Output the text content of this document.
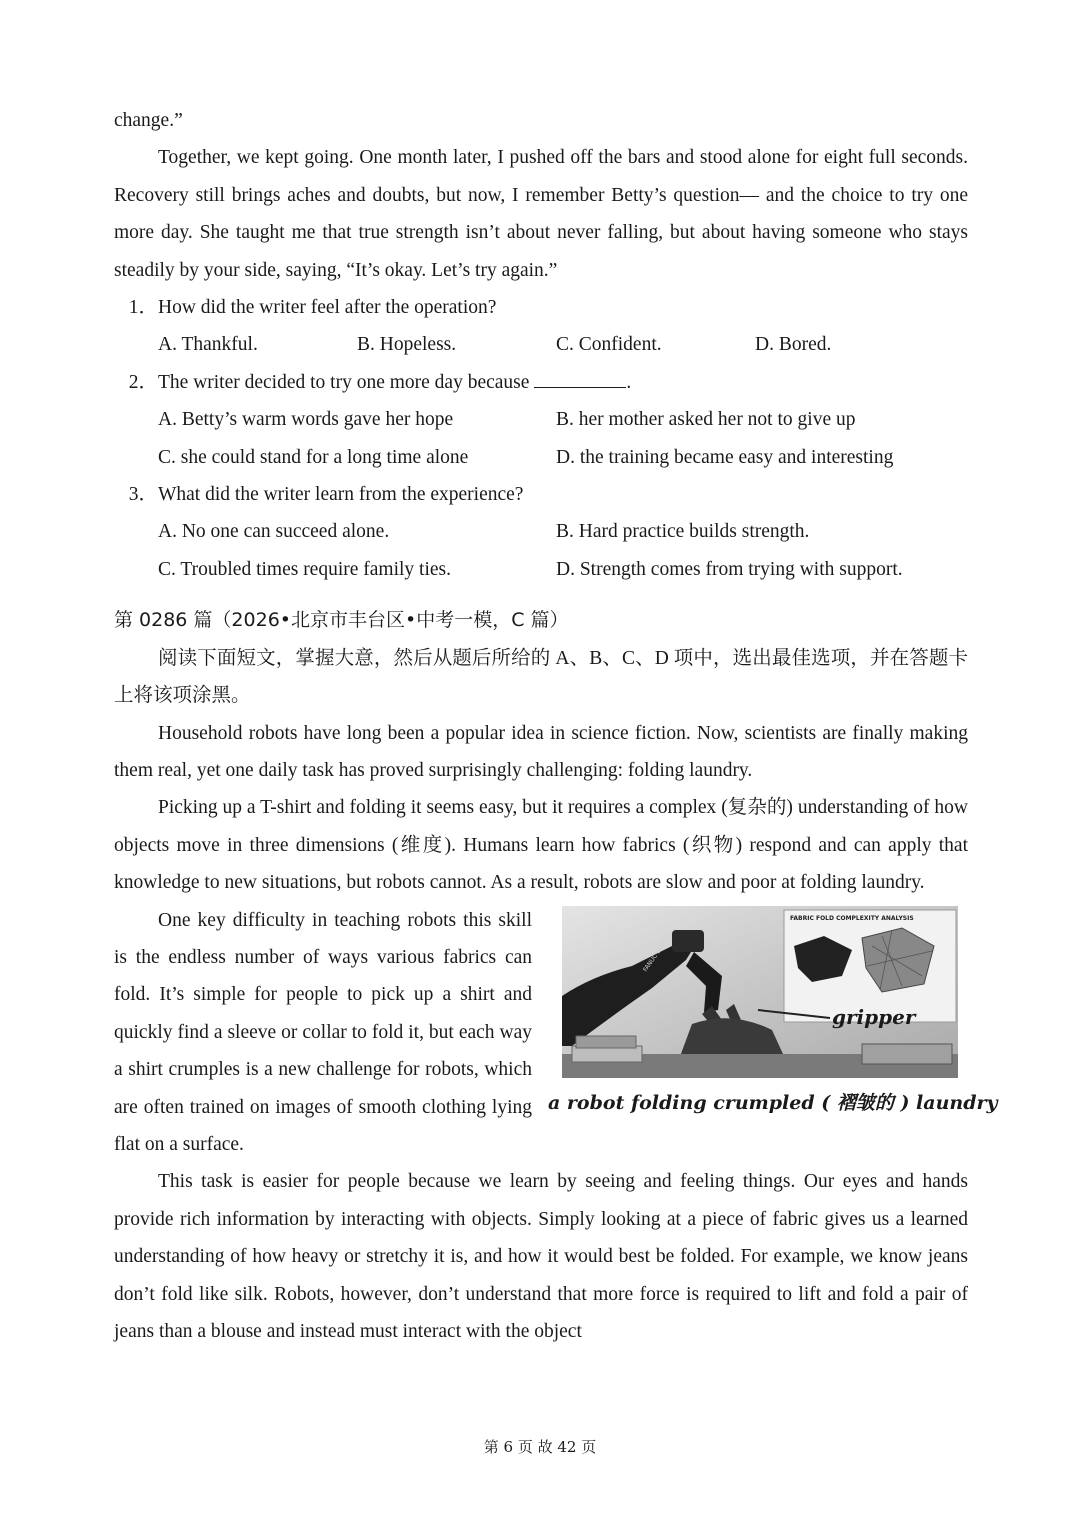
change.”

Together, we kept going. One month later, I pushed off the bars and stood alone for eight full seconds. Recovery still brings aches and doubts, but now, I remember Betty’s question— and the choice to try one more day. She taught me that true strength isn’t about never falling, but about having someone who stays steadily by your side, saying, “It’s okay. Let’s try again.”

1． How did the writer feel after the operation?
A. Thankful.	B. Hopeless.	C. Confident.	D. Bored.
2． The writer decided to try one more day because	.
A. Betty’s warm words gave her hope	B. her mother asked her not to give up
C. she could stand for a long time alone	D. the training became easy and interesting
3． What did the writer learn from the experience?
A. No one can succeed alone.	B. Hard practice builds strength.
C. Troubled times require family ties.	D. Strength comes from trying with support.

第 0286 篇（2026•北京市丰台区•中考一模，C 篇）

阅读下面短文，掌握大意，然后从题后所给的 A、B、C、D 项中，选出最佳选项，并在答题卡上将该项涂黑。

Household robots have long been a popular idea in science fiction. Now, scientists are finally making them real, yet one daily task has proved surprisingly challenging: folding laundry.

Picking up a T-shirt and folding it seems easy, but it requires a complex (复杂的) understanding of how objects move in three dimensions (维度). Humans learn how fabrics (织物) respond and can apply that knowledge to new situations, but robots cannot. As a result, robots are slow and poor at folding laundry.

FABRIC FOLD COMPLEXITY ANALYSIS
FANUC BOT
gripper
a robot folding crumpled ( 褶皱的 ) laundry

One key difficulty in teaching robots this skill is the endless number of ways various fabrics can fold. It’s simple for people to pick up a shirt and quickly find a sleeve or collar to fold it, but each way a shirt crumples is a new challenge for robots, which are often trained on images of smooth clothing lying flat on a surface.

This task is easier for people because we learn by seeing and feeling things. Our eyes and hands provide rich information by interacting with objects. Simply looking at a piece of fabric gives us a learned understanding of how heavy or stretchy it is, and how it would best be folded. For example, we know jeans don’t fold like silk. Robots, however, don’t understand that more force is required to lift and fold a pair of jeans than a blouse and instead must interact with the object

第 6 页 故 42 页
